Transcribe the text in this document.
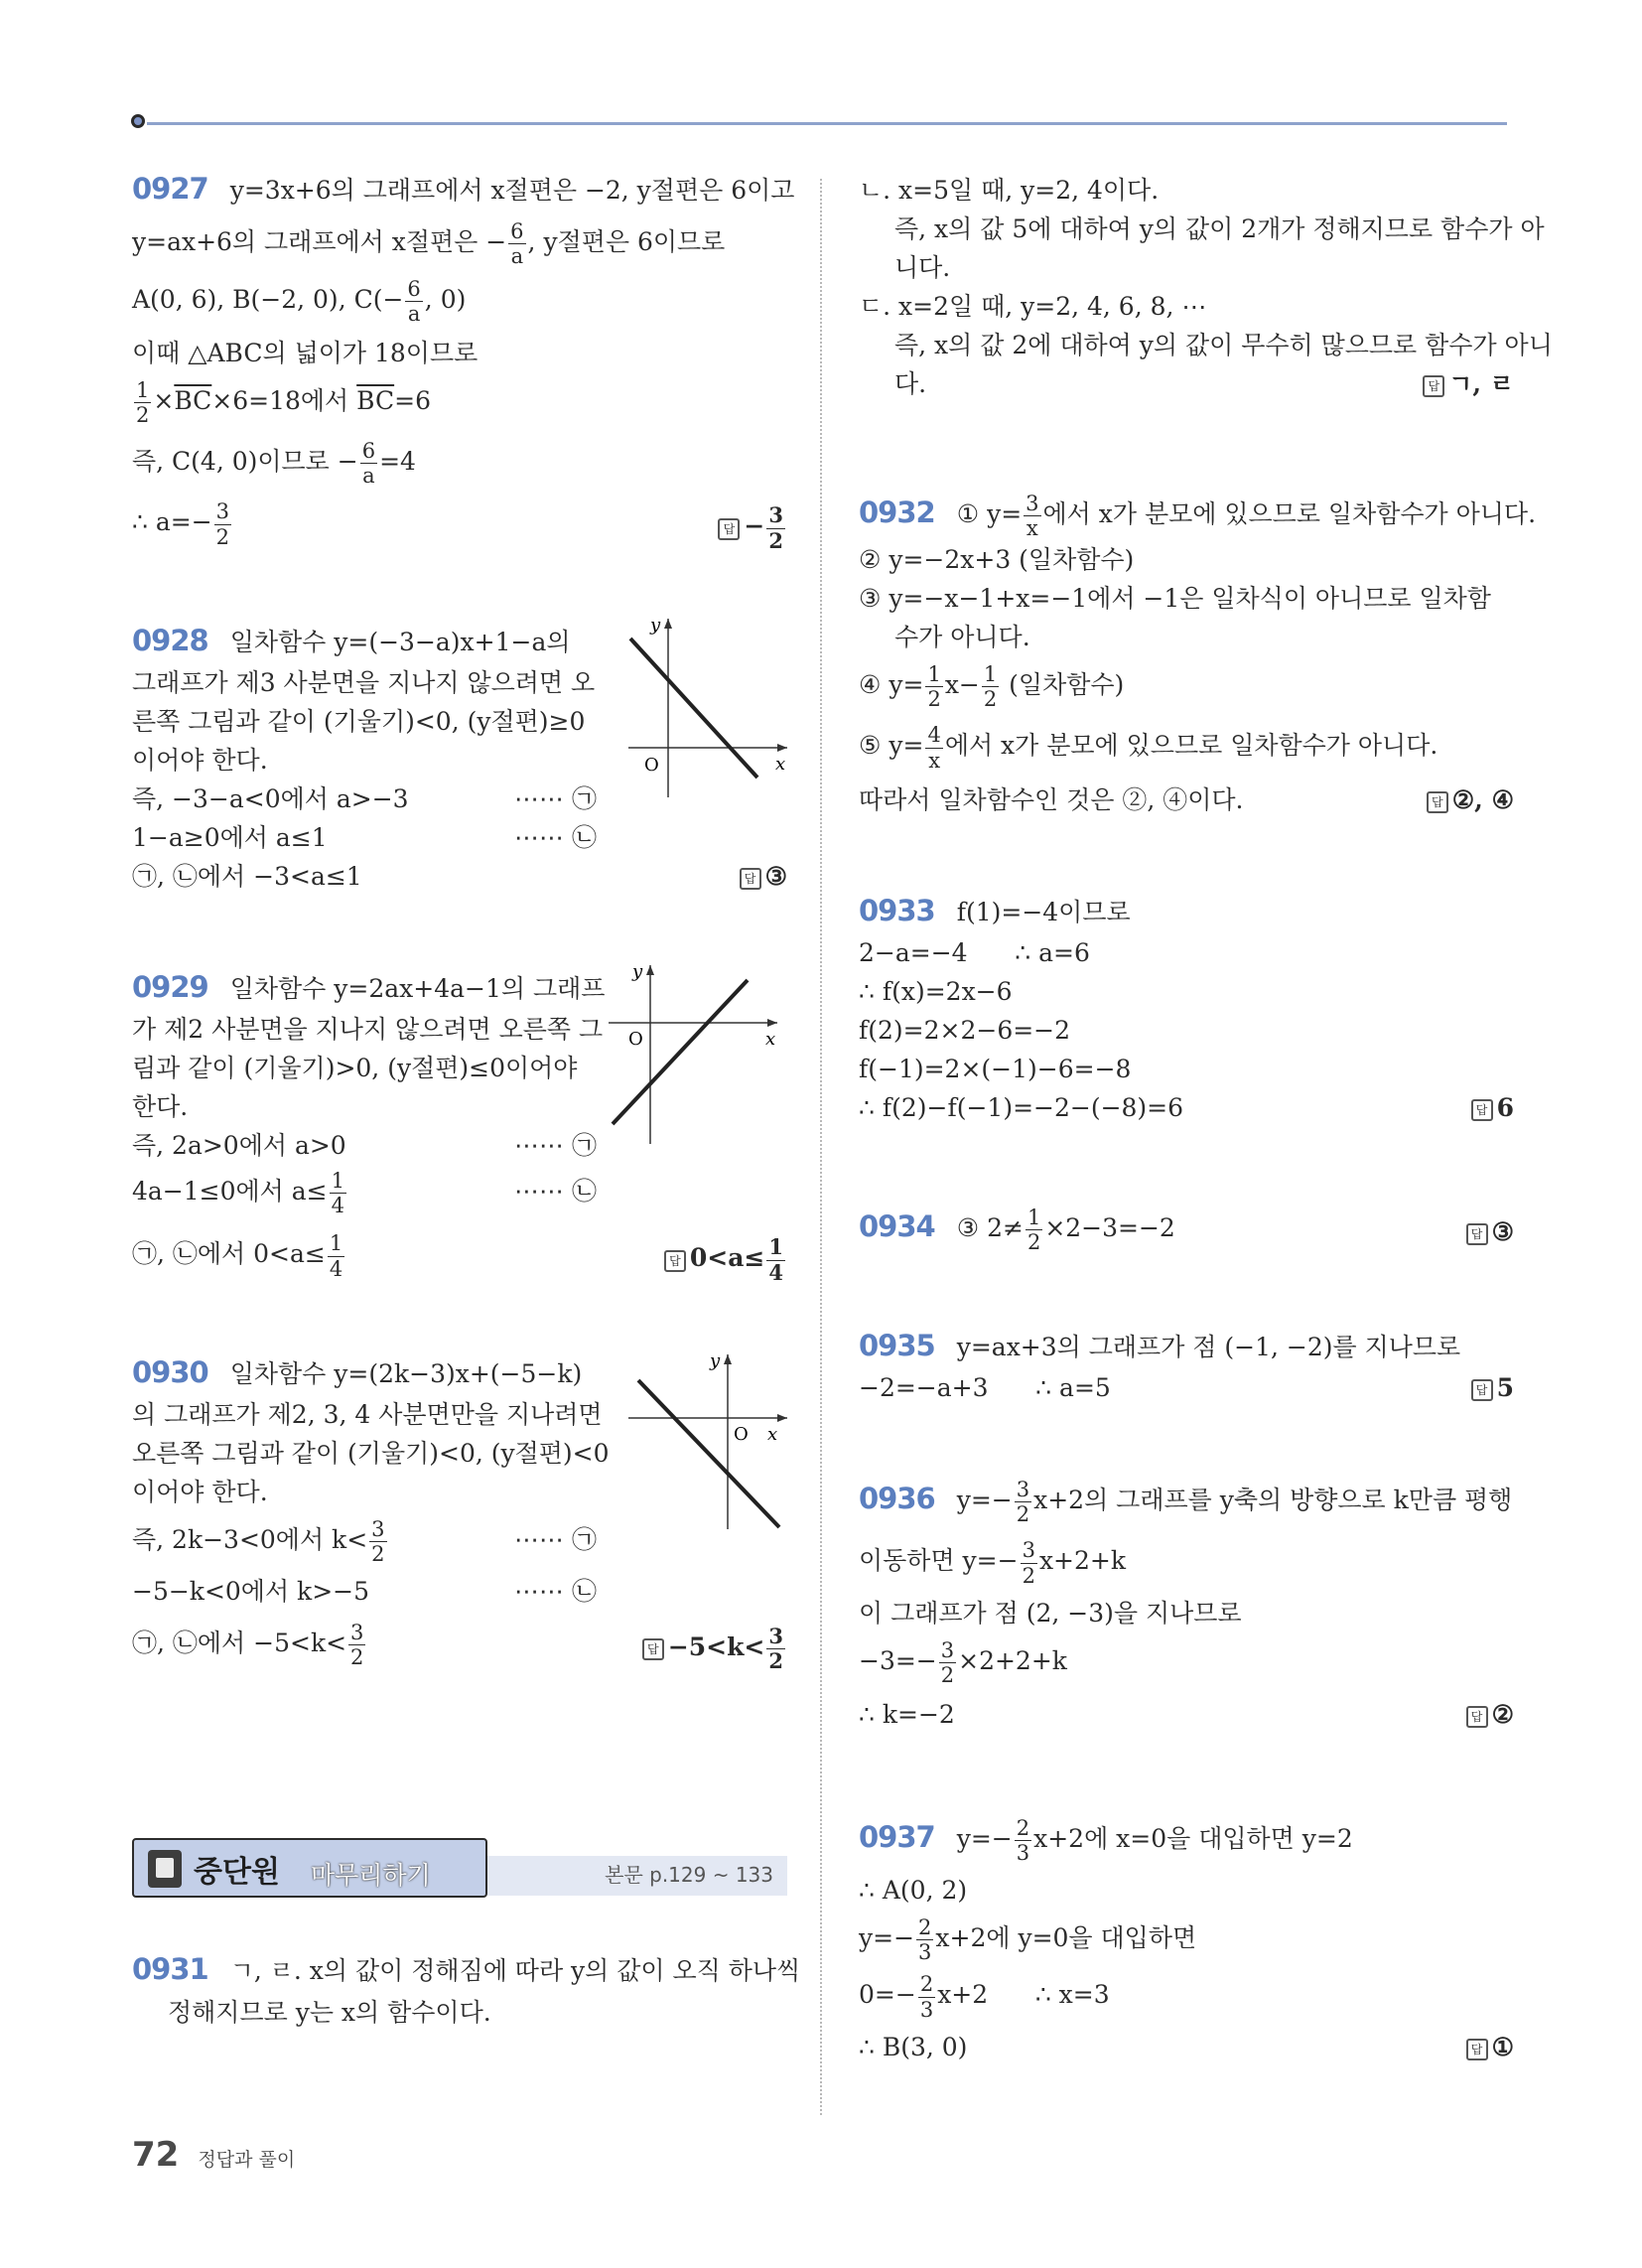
0927 y=3x+6의 그래프에서 x절편은 −2, y절편은 6이고
y=ax+6의 그래프에서 x절편은 − $\frac{6}{a}$ , y절편은 6이므로
A(0, 6), B(−2, 0), $C(- \frac{6}{a}$ , 0)
이때 △ABC의 넓이가 18이므로
$\frac{1}{2} \times\overline{BC}\times 6=18$에서 $\overline{BC}=6$
즉, C(4, 0)이므로 − $\frac{6}{a} =4$
∴ $a=- \frac{3}{2}$	답 − $\frac{3}{2}$
y
x
O
0928 일차함수 y=(−3−a)x+1−a의
그래프가 제3 사분면을 지나지 않으려면 오
른쪽 그림과 같이 (기울기)<0, (y절편)≥0
이어야 한다.
즉, −3−a<0에서 a>−3	⋯⋯ ㉠
1−a≥0에서 a≤1	⋯⋯ ㉡
㉠, ㉡에서 −3<a≤1	답 ③
y
x
O
0929 일차함수 y=2ax+4a−1의 그래프
가 제2 사분면을 지나지 않으려면 오른쪽 그
림과 같이 (기울기)>0, (y절편)≤0이어야
한다.
즉, 2a>0에서 a>0	⋯⋯ ㉠
4a−1≤0에서 $a\le \frac{1}{4}$	⋯⋯ ㉡
㉠, ㉡에서 $0<a\le \frac{1}{4}$	답 $0<a\le \frac{1}{4}$
y
x
O
0930 일차함수 y=(2k−3)x+(−5−k)
의 그래프가 제2, 3, 4 사분면만을 지나려면
오른쪽 그림과 같이 (기울기)<0, (y절편)<0
이어야 한다.
즉, 2k−3<0에서 $k< \frac{3}{2}$	⋯⋯ ㉠
−5−k<0에서 k>−5	⋯⋯ ㉡
㉠, ㉡에서 $-5<k< \frac{3}{2}$	답 $-5<k< \frac{3}{2}$
본문 p.129 ~ 133
중단원 마무리하기
0931 ㄱ, ㄹ. x의 값이 정해짐에 따라 y의 값이 오직 하나씩
정해지므로 y는 x의 함수이다.
ㄴ. x=5일 때, y=2, 4이다.
즉, x의 값 5에 대하여 y의 값이 2개가 정해지므로 함수가 아
니다.
ㄷ. x=2일 때, y=2, 4, 6, 8, ⋯
즉, x의 값 2에 대하여 y의 값이 무수히 많으므로 함수가 아니
다.	답 ㄱ, ㄹ
0932 ① $y= \frac{3}{x}$ 에서 x가 분모에 있으므로 일차함수가 아니다.
② y=−2x+3 (일차함수)
③ y=−x−1+x=−1에서 −1은 일차식이 아니므로 일차함
수가 아니다.
④ $y= \frac{1}{2} x- \frac{1}{2}$ (일차함수)
⑤ $y= \frac{4}{x}$ 에서 x가 분모에 있으므로 일차함수가 아니다.
따라서 일차함수인 것은 ②, ④이다.	답 ②, ④
0933 f(1)=−4이므로
2−a=−4      ∴ a=6
∴ f(x)=2x−6
f(2)=2×2−6=−2
f(−1)=2×(−1)−6=−8
∴ f(2)−f(−1)=−2−(−8)=6	답 6
0934 ③ $2\ne \frac{1}{2} \times 2-3=-2$	답 ③
0935 y=ax+3의 그래프가 점 (−1, −2)를 지나므로
−2=−a+3      ∴ a=5	답 5
0936 $y=- \frac{3}{2} x+2$의 그래프를 y축의 방향으로 k만큼 평행
이동하면 $y=- \frac{3}{2} x+2+k$
이 그래프가 점 (2, −3)을 지나므로
$-3=- \frac{3}{2} \times 2+2+k$
∴ k=−2	답 ②
0937 $y=- \frac{2}{3} x+2$에 x=0을 대입하면 y=2
∴ A(0, 2)
$y=- \frac{2}{3} x+2$에 y=0을 대입하면
$0=- \frac{2}{3} x+2$      ∴ x=3
∴ B(3, 0)	답 ①
72 정답과 풀이
